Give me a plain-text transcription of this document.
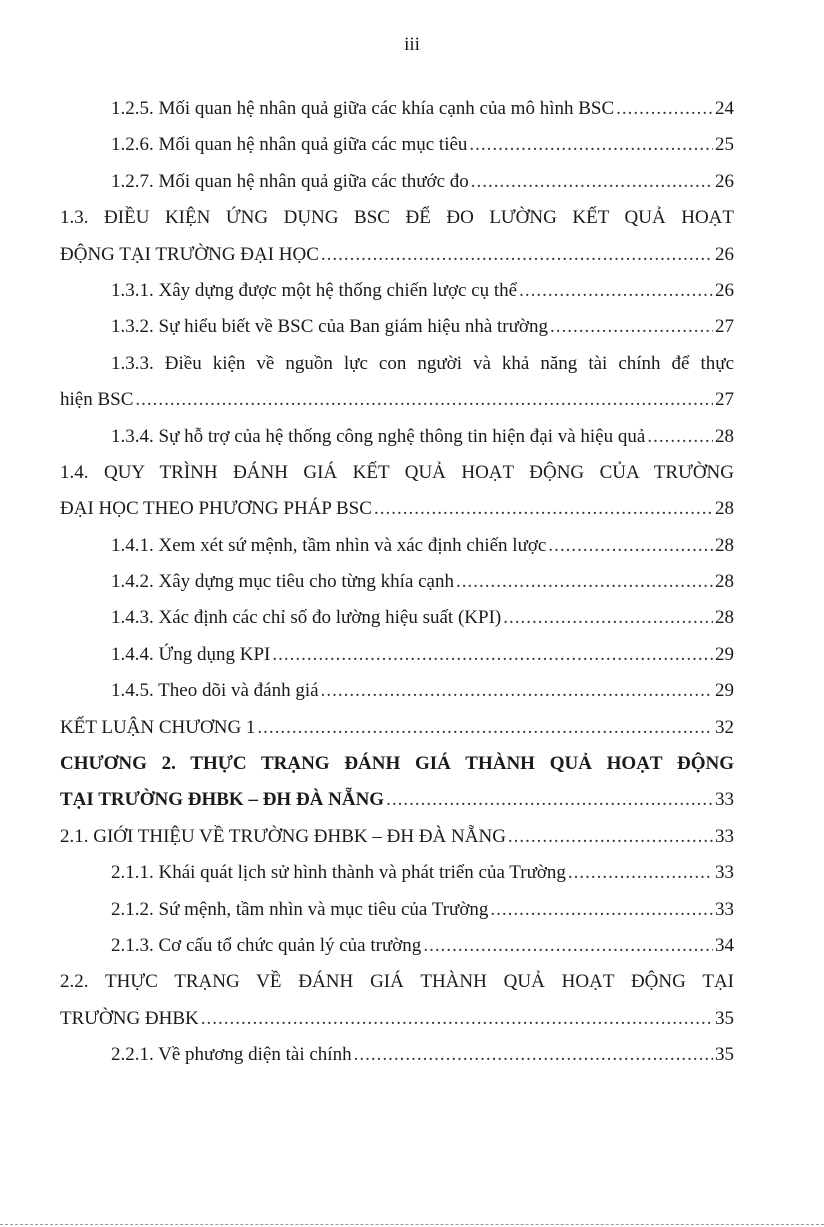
iii
1.2.5. Mối quan hệ nhân quả giữa các khía cạnh của mô hình BSC .....	24
1.2.6. Mối quan hệ nhân quả giữa các mục tiêu .....	25
1.2.7. Mối quan hệ nhân quả giữa các thước đo .....	26
1.3. ĐIỀU KIỆN ỨNG DỤNG BSC ĐỂ ĐO LƯỜNG KẾT QUẢ HOẠT
ĐỘNG TẠI TRƯỜNG ĐẠI HỌC .....	26
1.3.1. Xây dựng được một hệ thống chiến lược cụ thể .....	26
1.3.2. Sự hiểu biết về BSC của Ban giám hiệu nhà trường .....	27
1.3.3. Điều kiện về nguồn lực con người và khả năng tài chính để thực
hiện BSC .....	27
1.3.4. Sự hỗ trợ của hệ thống công nghệ thông tin hiện đại và hiệu quả .....	28
1.4. QUY TRÌNH ĐÁNH GIÁ KẾT QUẢ HOẠT ĐỘNG CỦA TRƯỜNG
ĐẠI HỌC THEO PHƯƠNG PHÁP BSC .....	28
1.4.1. Xem xét sứ mệnh, tầm nhìn và xác định chiến lược .....	28
1.4.2. Xây dựng mục tiêu cho từng khía cạnh .....	28
1.4.3. Xác định các chỉ số đo lường hiệu suất (KPI) .....	28
1.4.4. Ứng dụng KPI .....	29
1.4.5. Theo dõi và đánh giá .....	29
KẾT LUẬN CHƯƠNG 1 .....	32
CHƯƠNG 2. THỰC TRẠNG ĐÁNH GIÁ THÀNH QUẢ HOẠT ĐỘNG
TẠI TRƯỜNG ĐHBK – ĐH ĐÀ NẴNG .....	33
2.1. GIỚI THIỆU VỀ TRƯỜNG ĐHBK – ĐH ĐÀ NẴNG .....	33
2.1.1. Khái quát lịch sử hình thành và phát triển của Trường .....	33
2.1.2. Sứ mệnh, tầm nhìn và mục tiêu của Trường .....	33
2.1.3. Cơ cấu tổ chức quản lý của trường .....	34
2.2. THỰC TRẠNG VỀ ĐÁNH GIÁ THÀNH QUẢ HOẠT ĐỘNG TẠI
TRƯỜNG ĐHBK .....	35
2.2.1. Về phương diện tài chính .....	35
